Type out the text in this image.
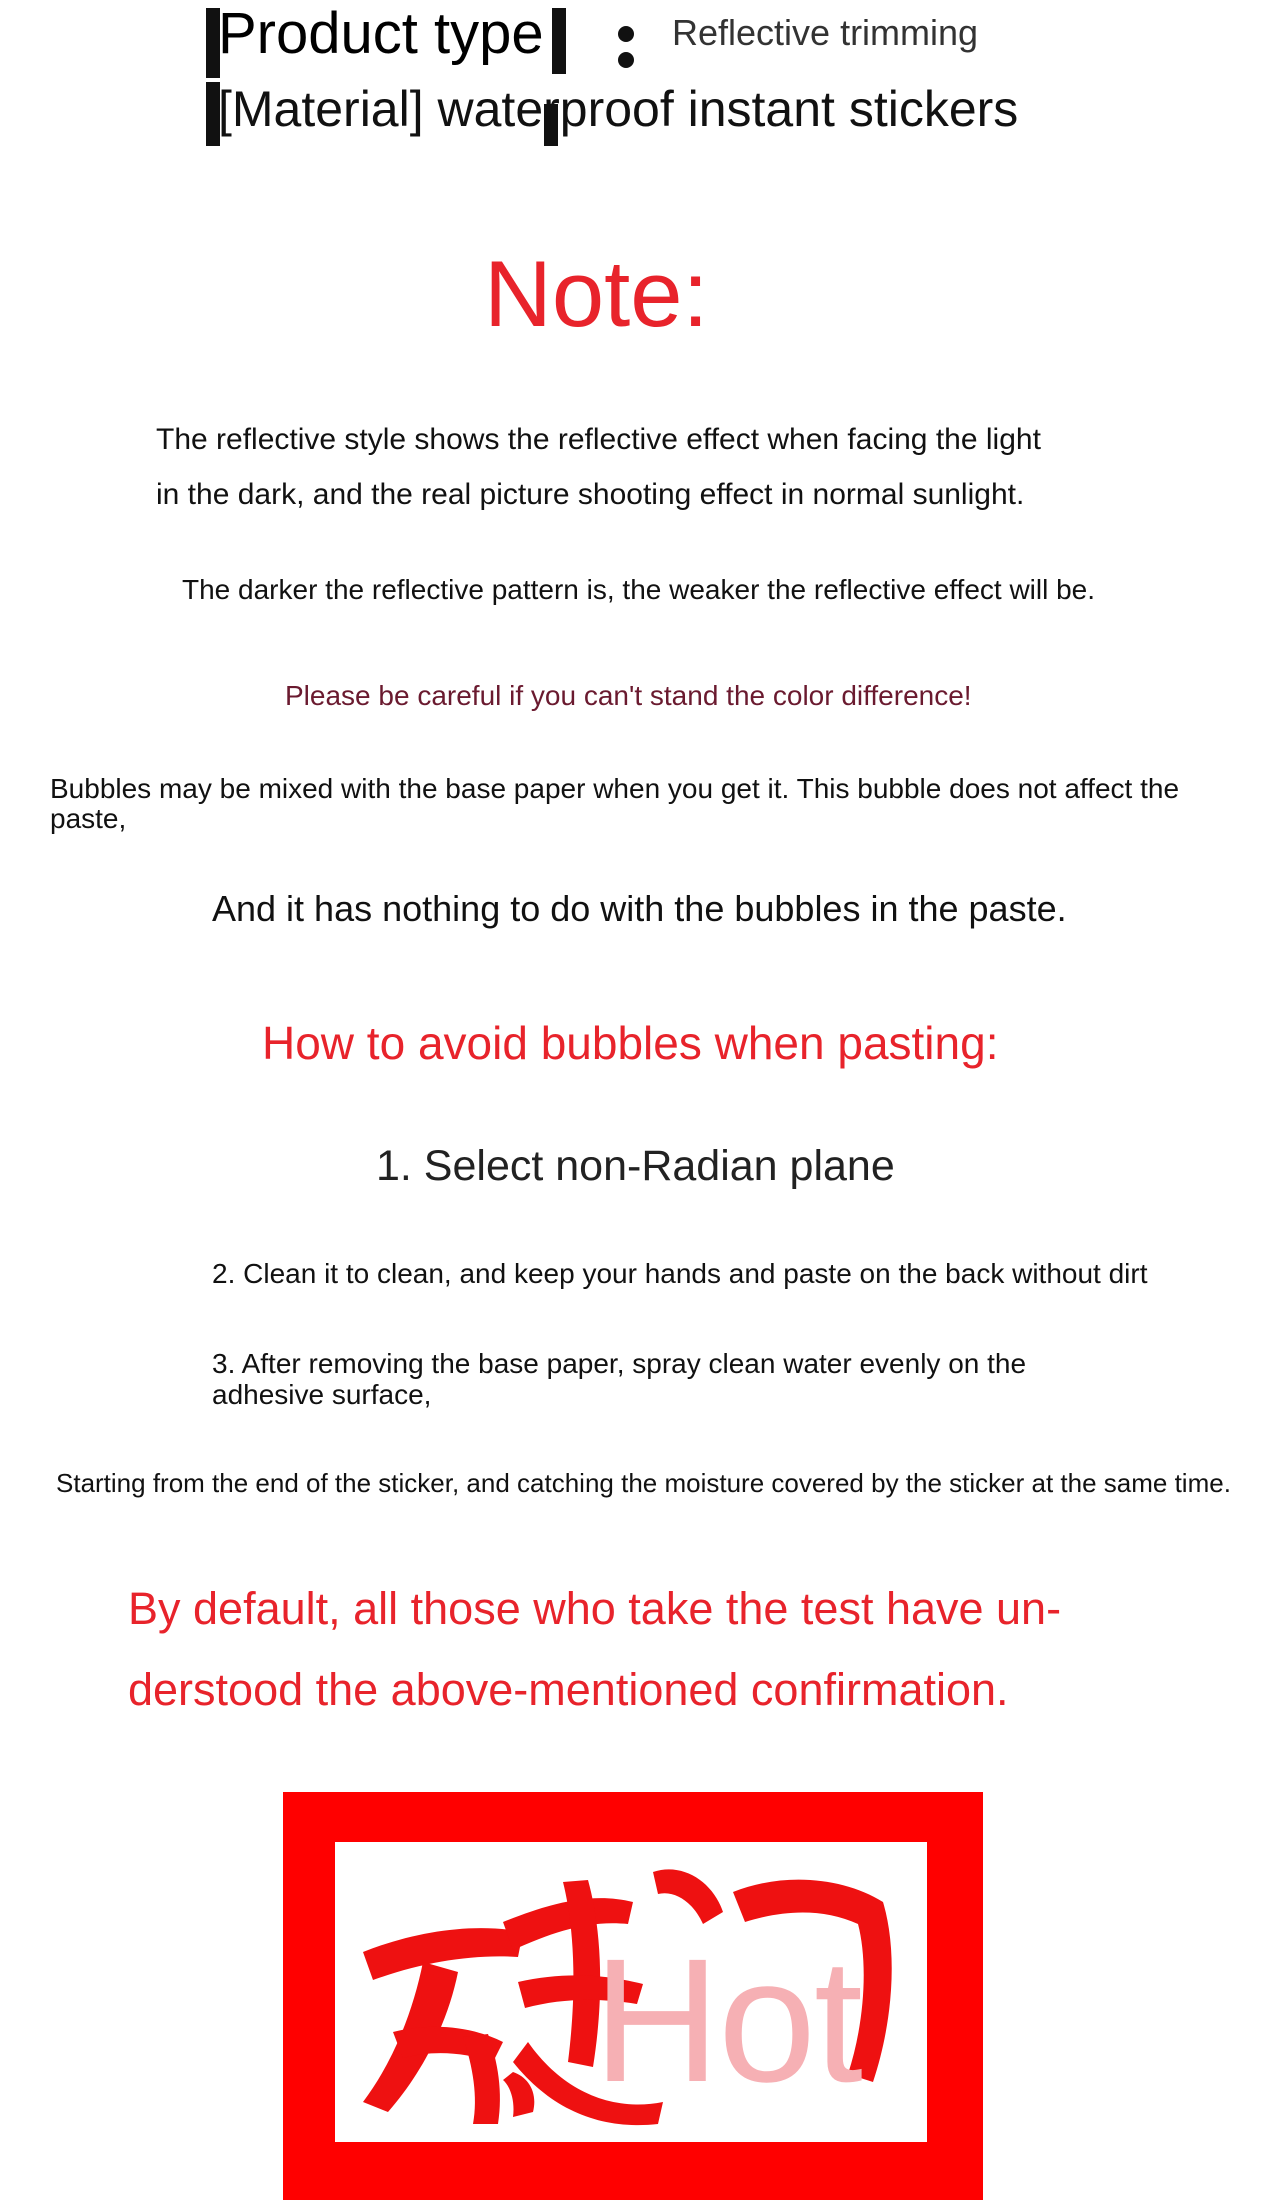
Product type	Reflective trimming
[Material] waterproof instant stickers
Note:
The reflective style shows the reflective effect when facing the light
in the dark, and the real picture shooting effect in normal sunlight.
The darker the reflective pattern is, the weaker the reflective effect will be.
Please be careful if you can't stand the color difference!
Bubbles may be mixed with the base paper when you get it. This bubble does not affect the paste,
And it has nothing to do with the bubbles in the paste.
How to avoid bubbles when pasting:
1. Select non-Radian plane
2. Clean it to clean, and keep your hands and paste on the back without dirt
3. After removing the base paper, spray clean water evenly on the adhesive surface,
Starting from the end of the sticker, and catching the moisture covered by the sticker at the same time.
By default, all those who take the test have un-
derstood the above-mentioned confirmation.
Hot
